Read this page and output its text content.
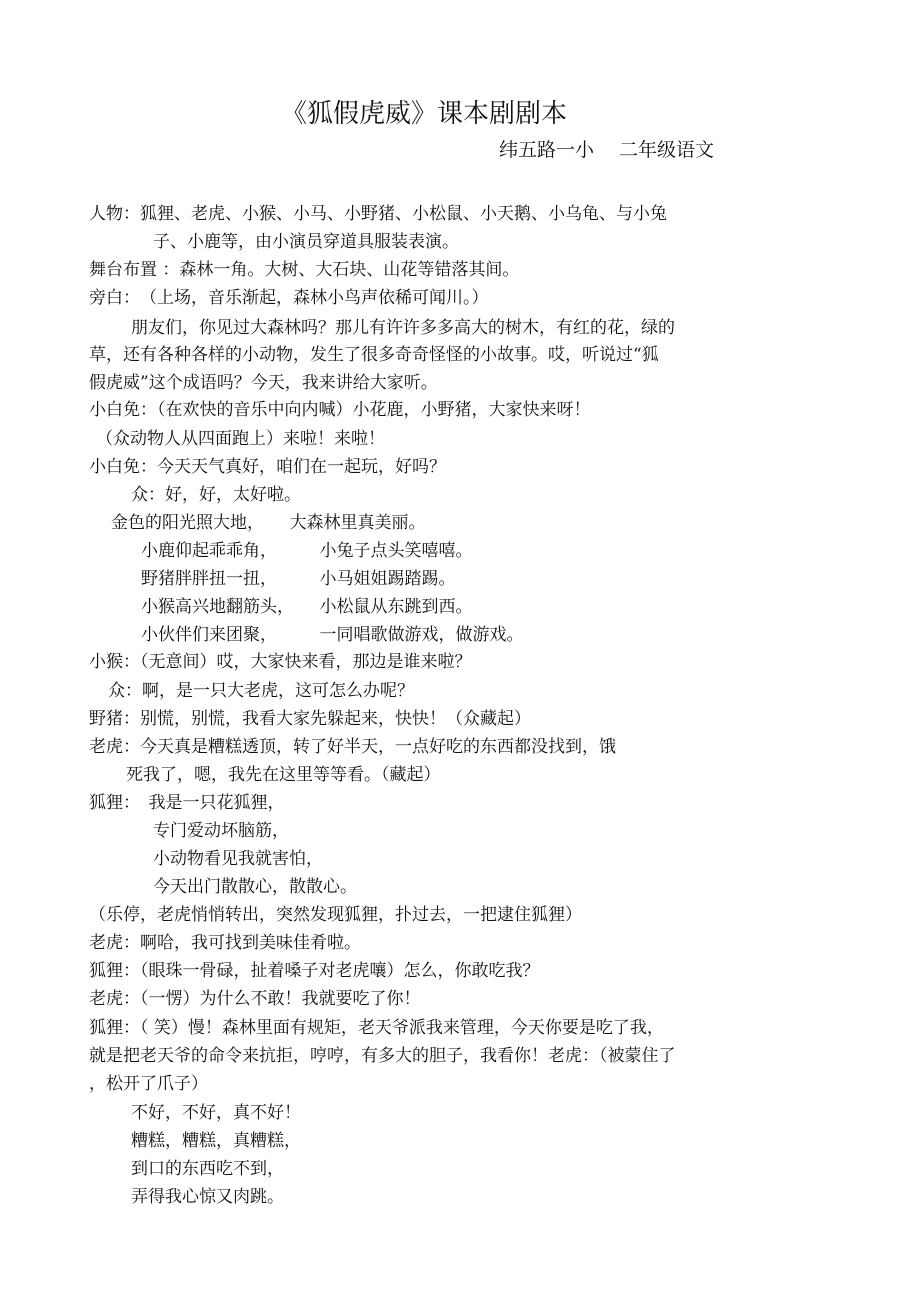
《狐假虎威》课本剧剧本
纬五路一小　 二年级语文
人物：狐狸、老虎、小猴、小马、小野猪、小松鼠、小天鹅、小乌龟、与小兔
子、小鹿等，由小演员穿道具服装表演。
舞台布置 ：森林一角。大树、大石块、山花等错落其间。
旁白：　（上场，音乐渐起，森林小鸟声依稀可闻川。）
朋友们，你见过大森林吗？那儿有许许多多高大的树木，有红的花，绿的
草，还有各种各样的小动物，发生了很多奇奇怪怪的小故事。哎，听说过“狐
假虎威”这个成语吗？今天，我来讲给大家听。
小白免：（在欢快的音乐中向内喊）小花鹿，小野猪，大家快来呀！
（众动物人从四面跑上）来啦！来啦！
小白免：今天天气真好，咱们在一起玩，好吗？
众：好，好，太好啦。
金色的阳光照大地，　　大森林里真美丽。
小鹿仰起乖乖角，　　　小兔子点头笑嘻嘻。
野猪胖胖扭一扭，　　　小马姐姐踢踏踢。
小猴高兴地翻筋头，　　小松鼠从东跳到西。
小伙伴们来团聚，　　　一同唱歌做游戏，做游戏。
小猴：（无意间）哎，大家快来看，那边是谁来啦？
众：啊，是一只大老虎，这可怎么办呢？
野猪：别慌，别慌，我看大家先躲起来，快快！（众藏起）
老虎：今天真是糟糕透顶，转了好半天，一点好吃的东西都没找到，饿
死我了，嗯，我先在这里等等看。（藏起）
狐狸：　我是一只花狐狸，
专门爱动坏脑筋，
小动物看见我就害怕，
今天出门散散心，散散心。
（乐停，老虎悄悄转出，突然发现狐狸，扑过去，一把逮住狐狸）
老虎：啊哈，我可找到美味佳肴啦。
狐狸：（眼珠一骨碌，扯着嗓子对老虎嚷）怎么，你敢吃我？
老虎：（一愣）为什么不敢！我就要吃了你！
狐狸：（ 笑）慢！森林里面有规矩，老天爷派我来管理，今天你要是吃了我，
就是把老天爷的命令来抗拒，哼哼，有多大的胆子，我看你！老虎：（被蒙住了
，松开了爪子）
不好，不好，真不好！
糟糕，糟糕，真糟糕，
到口的东西吃不到，
弄得我心惊又肉跳。
